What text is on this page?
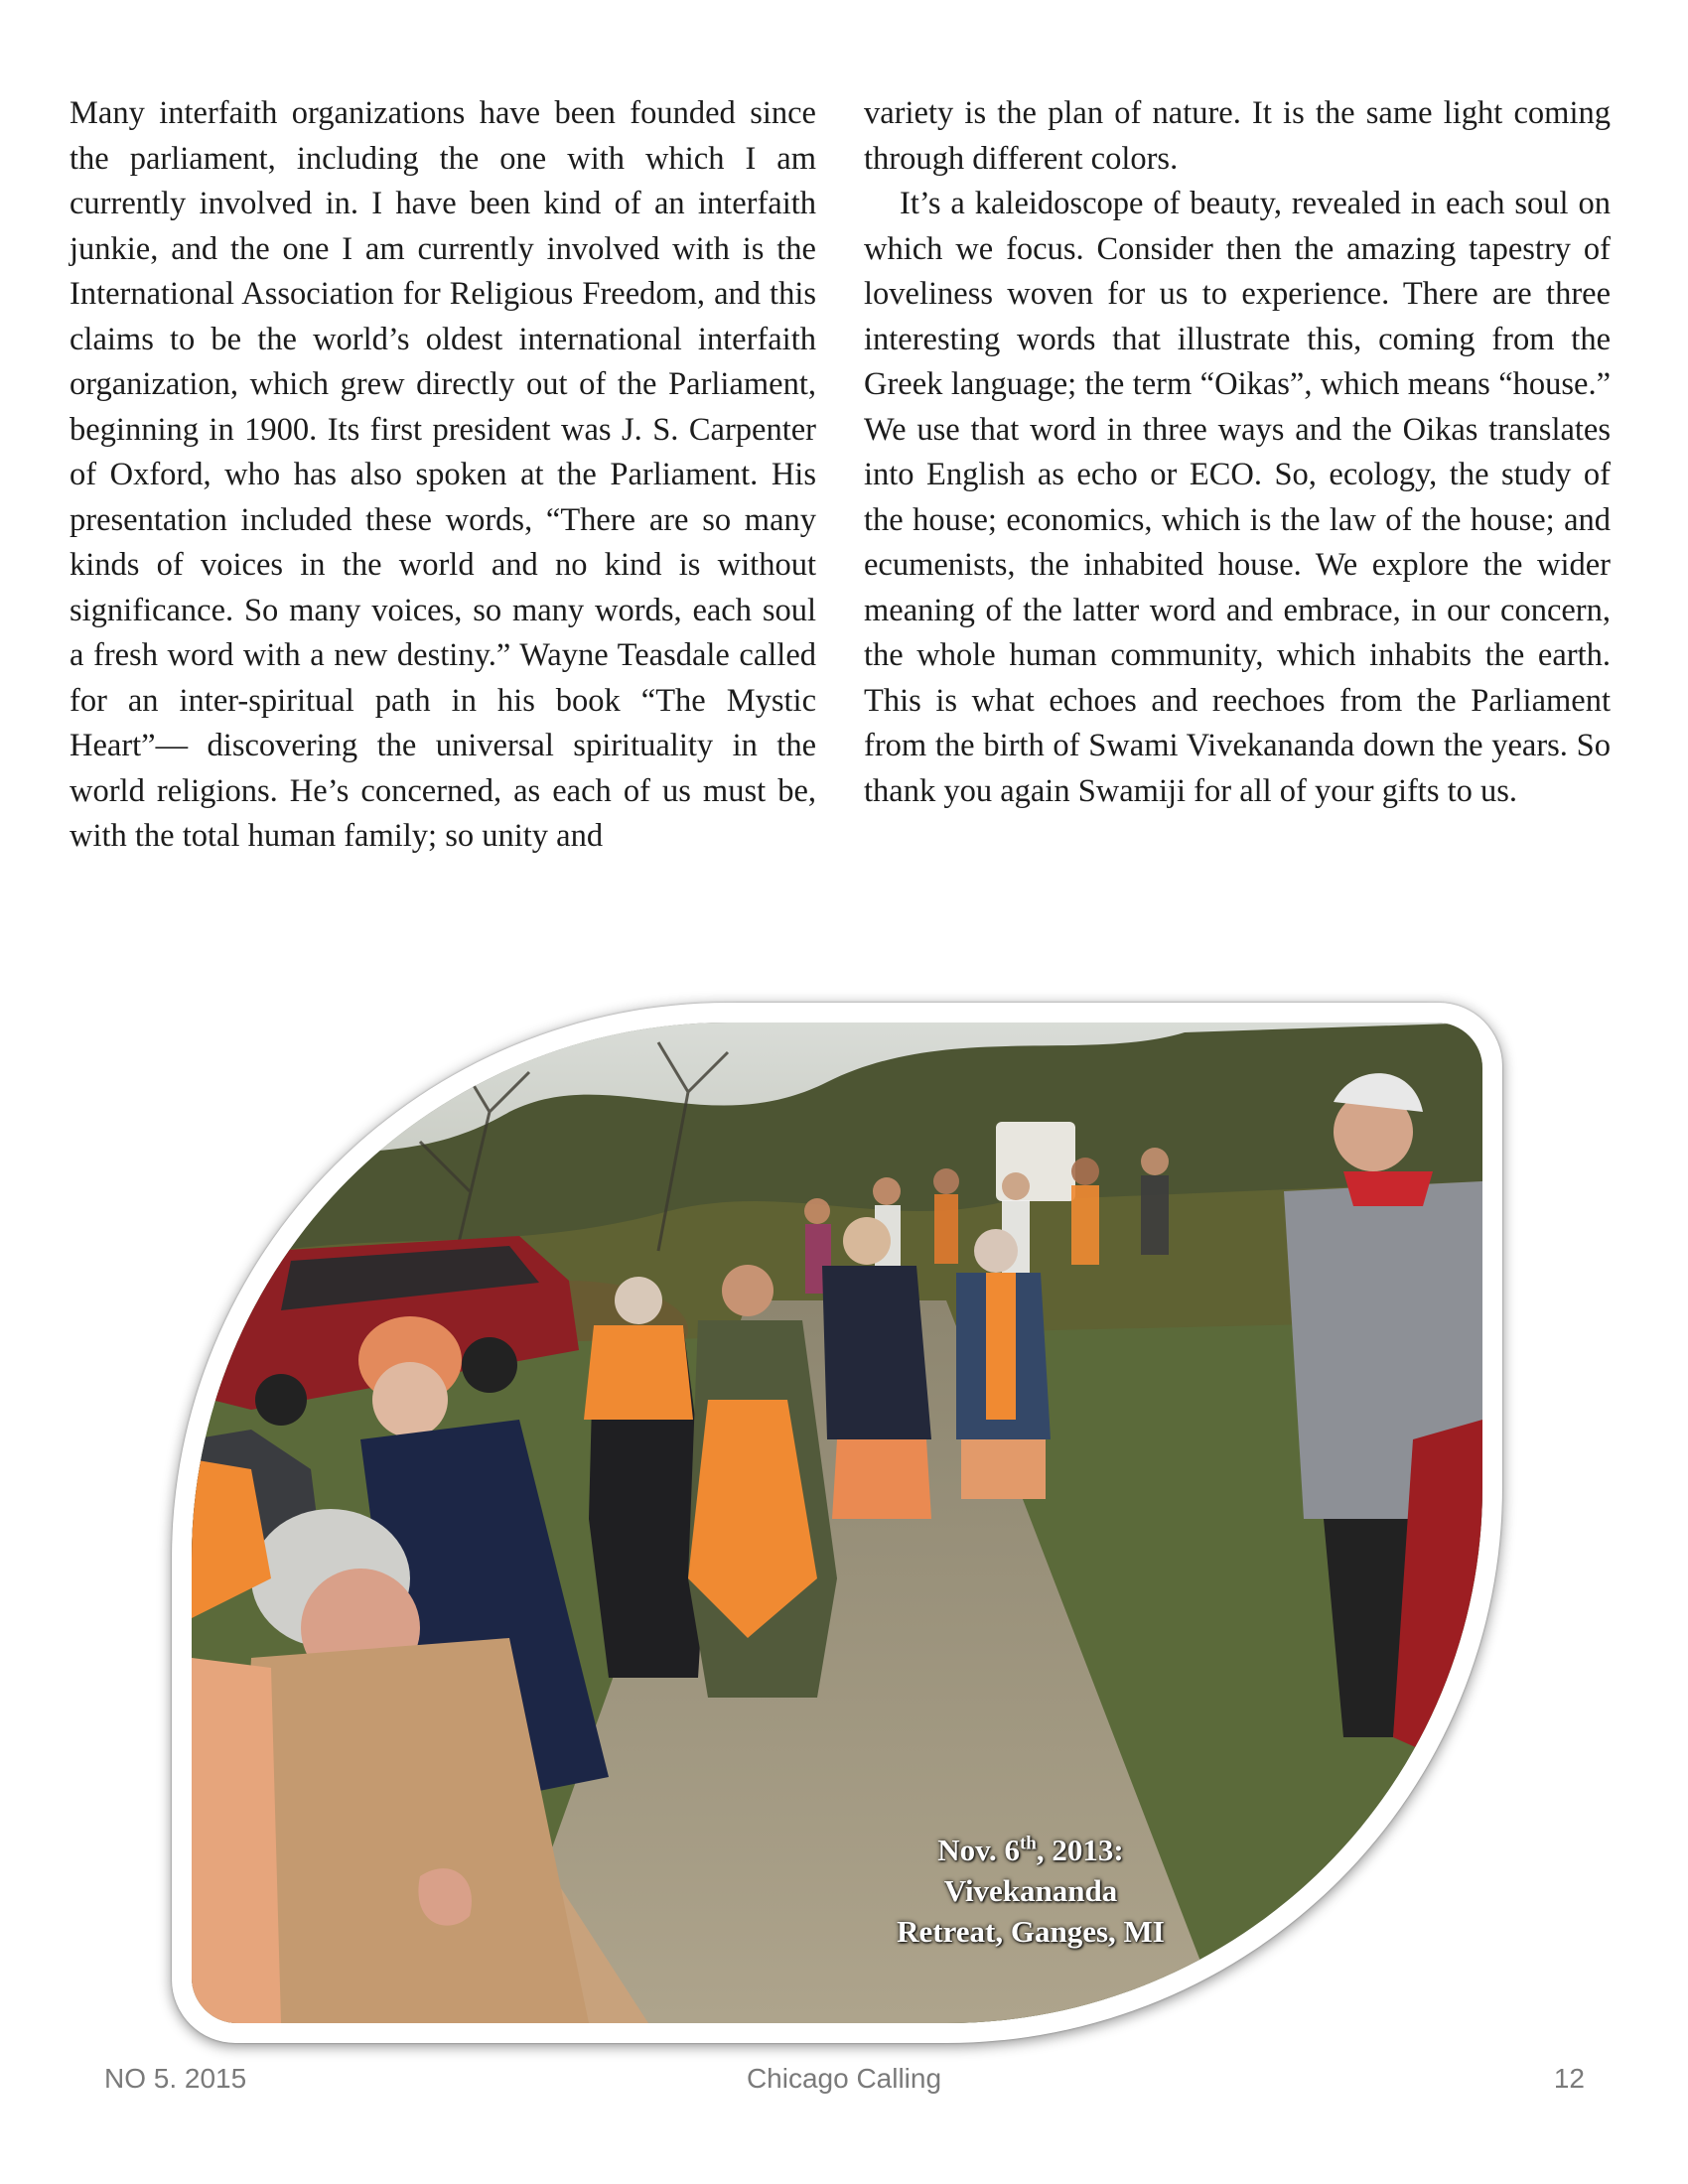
Many interfaith organizations have been founded since the parliament, including the one with which I am currently involved in. I have been kind of an interfaith junkie, and the one I am currently involved with is the International Association for Religious Freedom, and this claims to be the world’s oldest international interfaith organization, which grew directly out of the Parliament, beginning in 1900. Its first president was J. S. Carpenter of Oxford, who has also spoken at the Parliament. His presentation included these words, “There are so many kinds of voices in the world and no kind is without significance. So many voices, so many words, each soul a fresh word with a new destiny.” Wayne Teasdale called for an inter-spiritual path in his book “The Mystic Heart”— discovering the universal spirituality in the world religions. He’s concerned, as each of us must be, with the total human family; so unity and

variety is the plan of nature. It is the same light coming through different colors.

It’s a kaleidoscope of beauty, revealed in each soul on which we focus. Consider then the amazing tapestry of loveliness woven for us to experience. There are three interesting words that illustrate this, coming from the Greek language; the term “Oikas”, which means “house.” We use that word in three ways and the Oikas translates into English as echo or ECO. So, ecology, the study of the house; economics, which is the law of the house; and ecumenists, the inhabited house. We explore the wider meaning of the latter word and embrace, in our concern, the whole human community, which inhabits the earth. This is what echoes and reechoes from the Parliament from the birth of Swami Vivekananda down the years. So thank you again Swamiji for all of your gifts to us.

Nov. 6th, 2013:
Vivekananda
Retreat, Ganges, MI
NO 5. 2015	Chicago Calling	12
